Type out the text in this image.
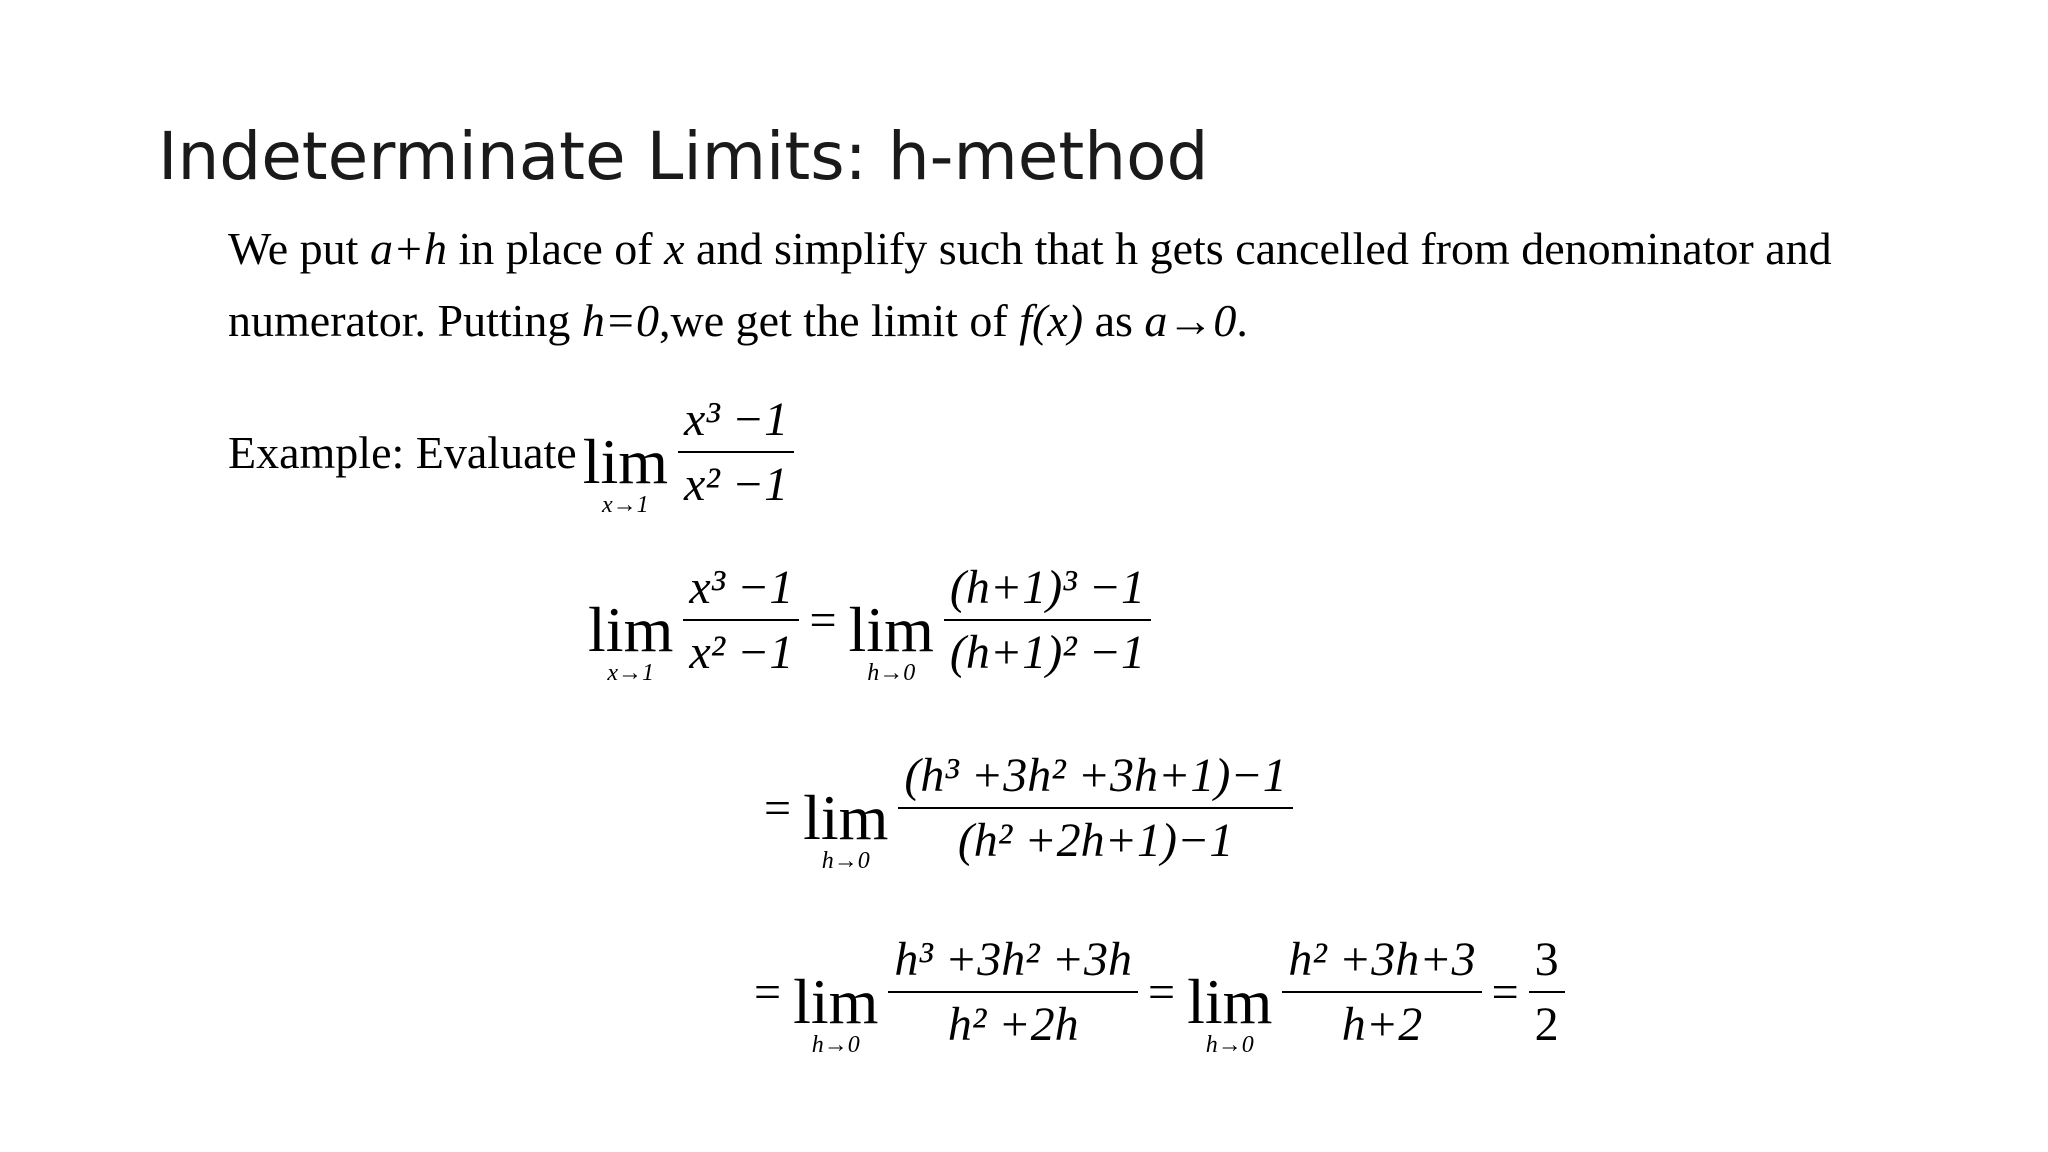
Indeterminate Limits: h-method
We put a+h in place of x and simplify such that h gets cancelled from denominator and
numerator. Putting h=0,we get the limit of f(x) as a→0.
Example: Evaluate lim
$x\to 1 \frac{\text{x³ −1}}{\text{x² −1}}$
lim
$x\to 1 \frac{\text{x³ −1}}{\text{x² −1}} = \lim$
$h\to 0 \frac{\text{(h+1)³ −1}}{\text{(h+1)² −1}}$
= lim
$h\to 0 \frac{\text{(h³ +3h² +3h+1)−1}}{\text{(h² +2h+1)−1}}$
= lim
$h\to 0 \frac{\text{h³ +3h² +3h}}{\text{h² +2h}} = \lim$
$h\to 0 \frac{\text{h² +3h+3}}{h+2} = \frac{3}{2}$
